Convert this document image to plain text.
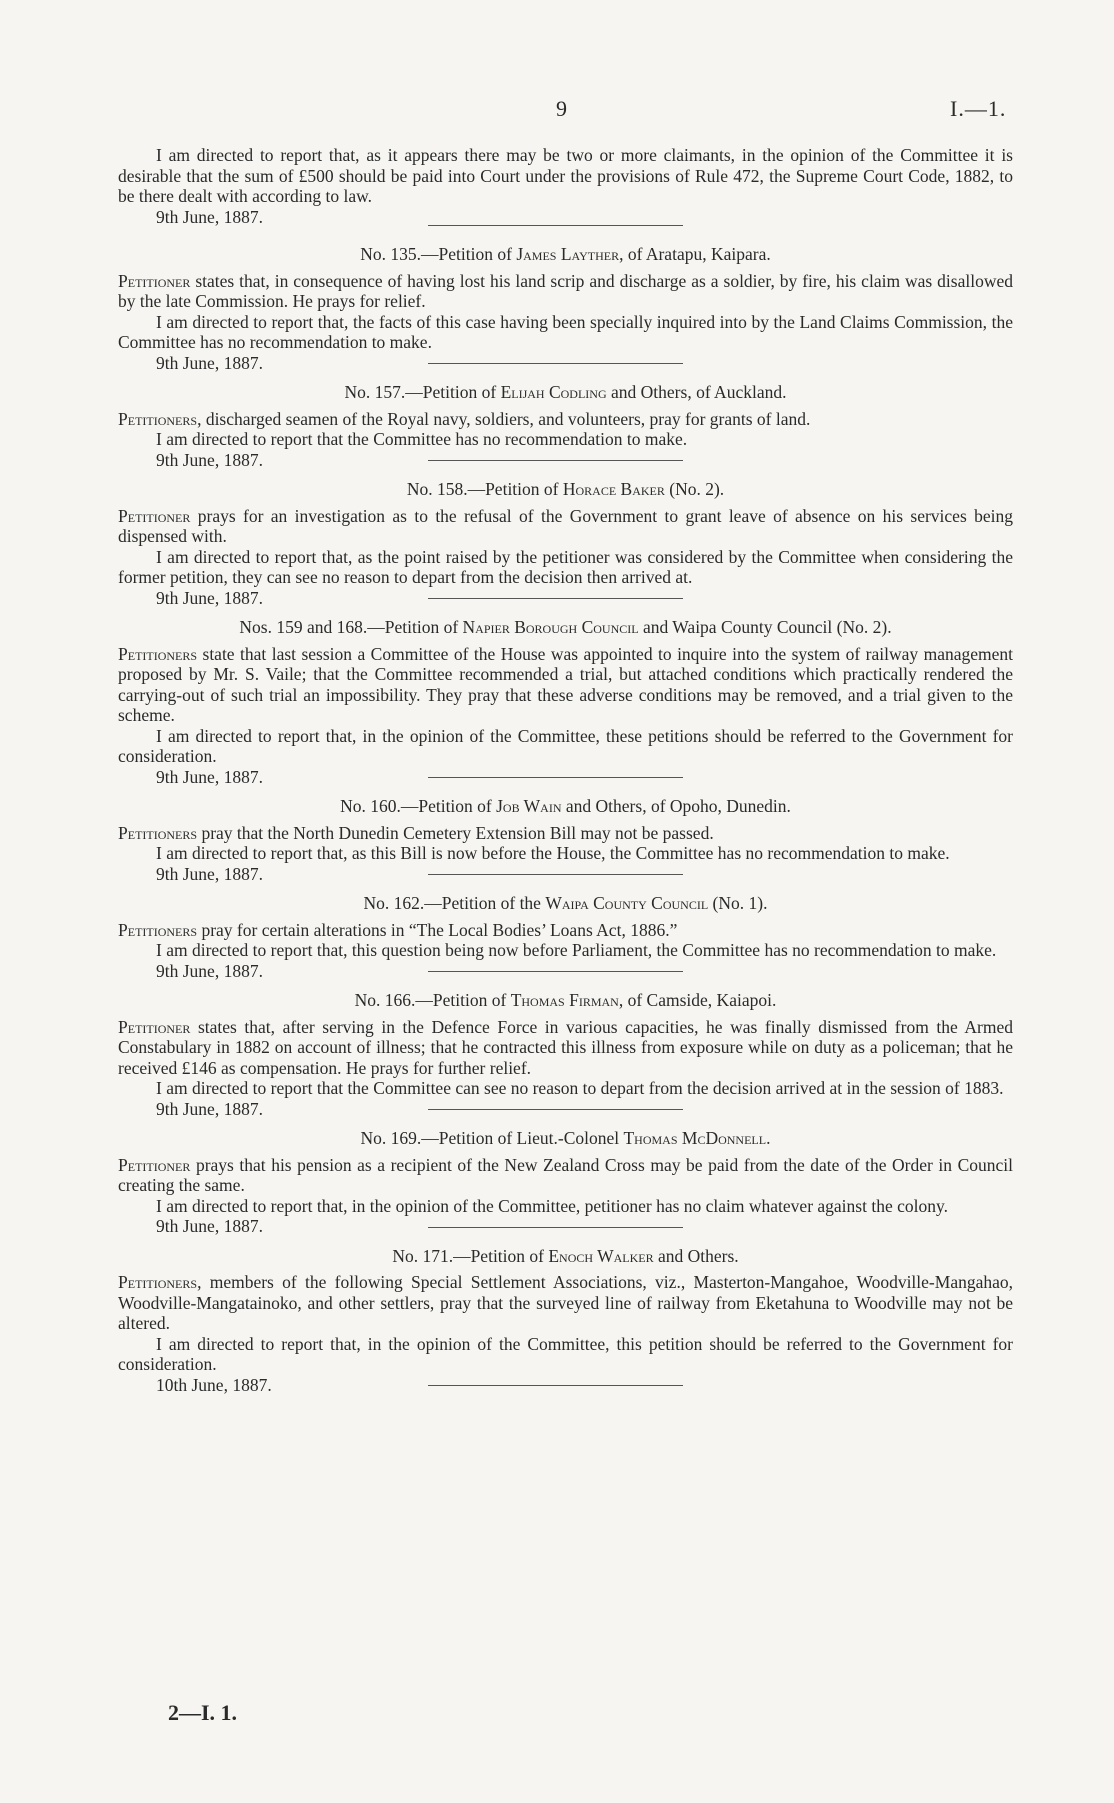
9	I.—1.

I am directed to report that, as it appears there may be two or more claimants, in the opinion of the Committee it is desirable that the sum of £500 should be paid into Court under the provisions of Rule 472, the Supreme Court Code, 1882, to be there dealt with according to law.

9th June, 1887.

No. 135.—Petition of James Layther, of Aratapu, Kaipara.

Petitioner states that, in consequence of having lost his land scrip and discharge as a soldier, by fire, his claim was disallowed by the late Commission. He prays for relief.

I am directed to report that, the facts of this case having been specially inquired into by the Land Claims Commission, the Committee has no recommendation to make.

9th June, 1887.

No. 157.—Petition of Elijah Codling and Others, of Auckland.

Petitioners, discharged seamen of the Royal navy, soldiers, and volunteers, pray for grants of land.

I am directed to report that the Committee has no recommendation to make.

9th June, 1887.

No. 158.—Petition of Horace Baker (No. 2).

Petitioner prays for an investigation as to the refusal of the Government to grant leave of absence on his services being dispensed with.

I am directed to report that, as the point raised by the petitioner was considered by the Committee when considering the former petition, they can see no reason to depart from the decision then arrived at.

9th June, 1887.

Nos. 159 and 168.—Petition of Napier Borough Council and Waipa County Council (No. 2).

Petitioners state that last session a Committee of the House was appointed to inquire into the system of railway management proposed by Mr. S. Vaile; that the Committee recommended a trial, but attached conditions which practically rendered the carrying-out of such trial an impossibility. They pray that these adverse conditions may be removed, and a trial given to the scheme.

I am directed to report that, in the opinion of the Committee, these petitions should be referred to the Government for consideration.

9th June, 1887.

No. 160.—Petition of Job Wain and Others, of Opoho, Dunedin.

Petitioners pray that the North Dunedin Cemetery Extension Bill may not be passed.

I am directed to report that, as this Bill is now before the House, the Committee has no recommendation to make.

9th June, 1887.

No. 162.—Petition of the Waipa County Council (No. 1).

Petitioners pray for certain alterations in “The Local Bodies’ Loans Act, 1886.”

I am directed to report that, this question being now before Parliament, the Committee has no recommendation to make.

9th June, 1887.

No. 166.—Petition of Thomas Firman, of Camside, Kaiapoi.

Petitioner states that, after serving in the Defence Force in various capacities, he was finally dismissed from the Armed Constabulary in 1882 on account of illness; that he contracted this illness from exposure while on duty as a policeman; that he received £146 as compensation. He prays for further relief.

I am directed to report that the Committee can see no reason to depart from the decision arrived at in the session of 1883.

9th June, 1887.

No. 169.—Petition of Lieut.-Colonel Thomas McDonnell.

Petitioner prays that his pension as a recipient of the New Zealand Cross may be paid from the date of the Order in Council creating the same.

I am directed to report that, in the opinion of the Committee, petitioner has no claim whatever against the colony.

9th June, 1887.

No. 171.—Petition of Enoch Walker and Others.

Petitioners, members of the following Special Settlement Associations, viz., Masterton-Mangahoe, Woodville-Mangahao, Woodville-Mangatainoko, and other settlers, pray that the surveyed line of railway from Eketahuna to Woodville may not be altered.

I am directed to report that, in the opinion of the Committee, this petition should be referred to the Government for consideration.

10th June, 1887.

2—I. 1.
